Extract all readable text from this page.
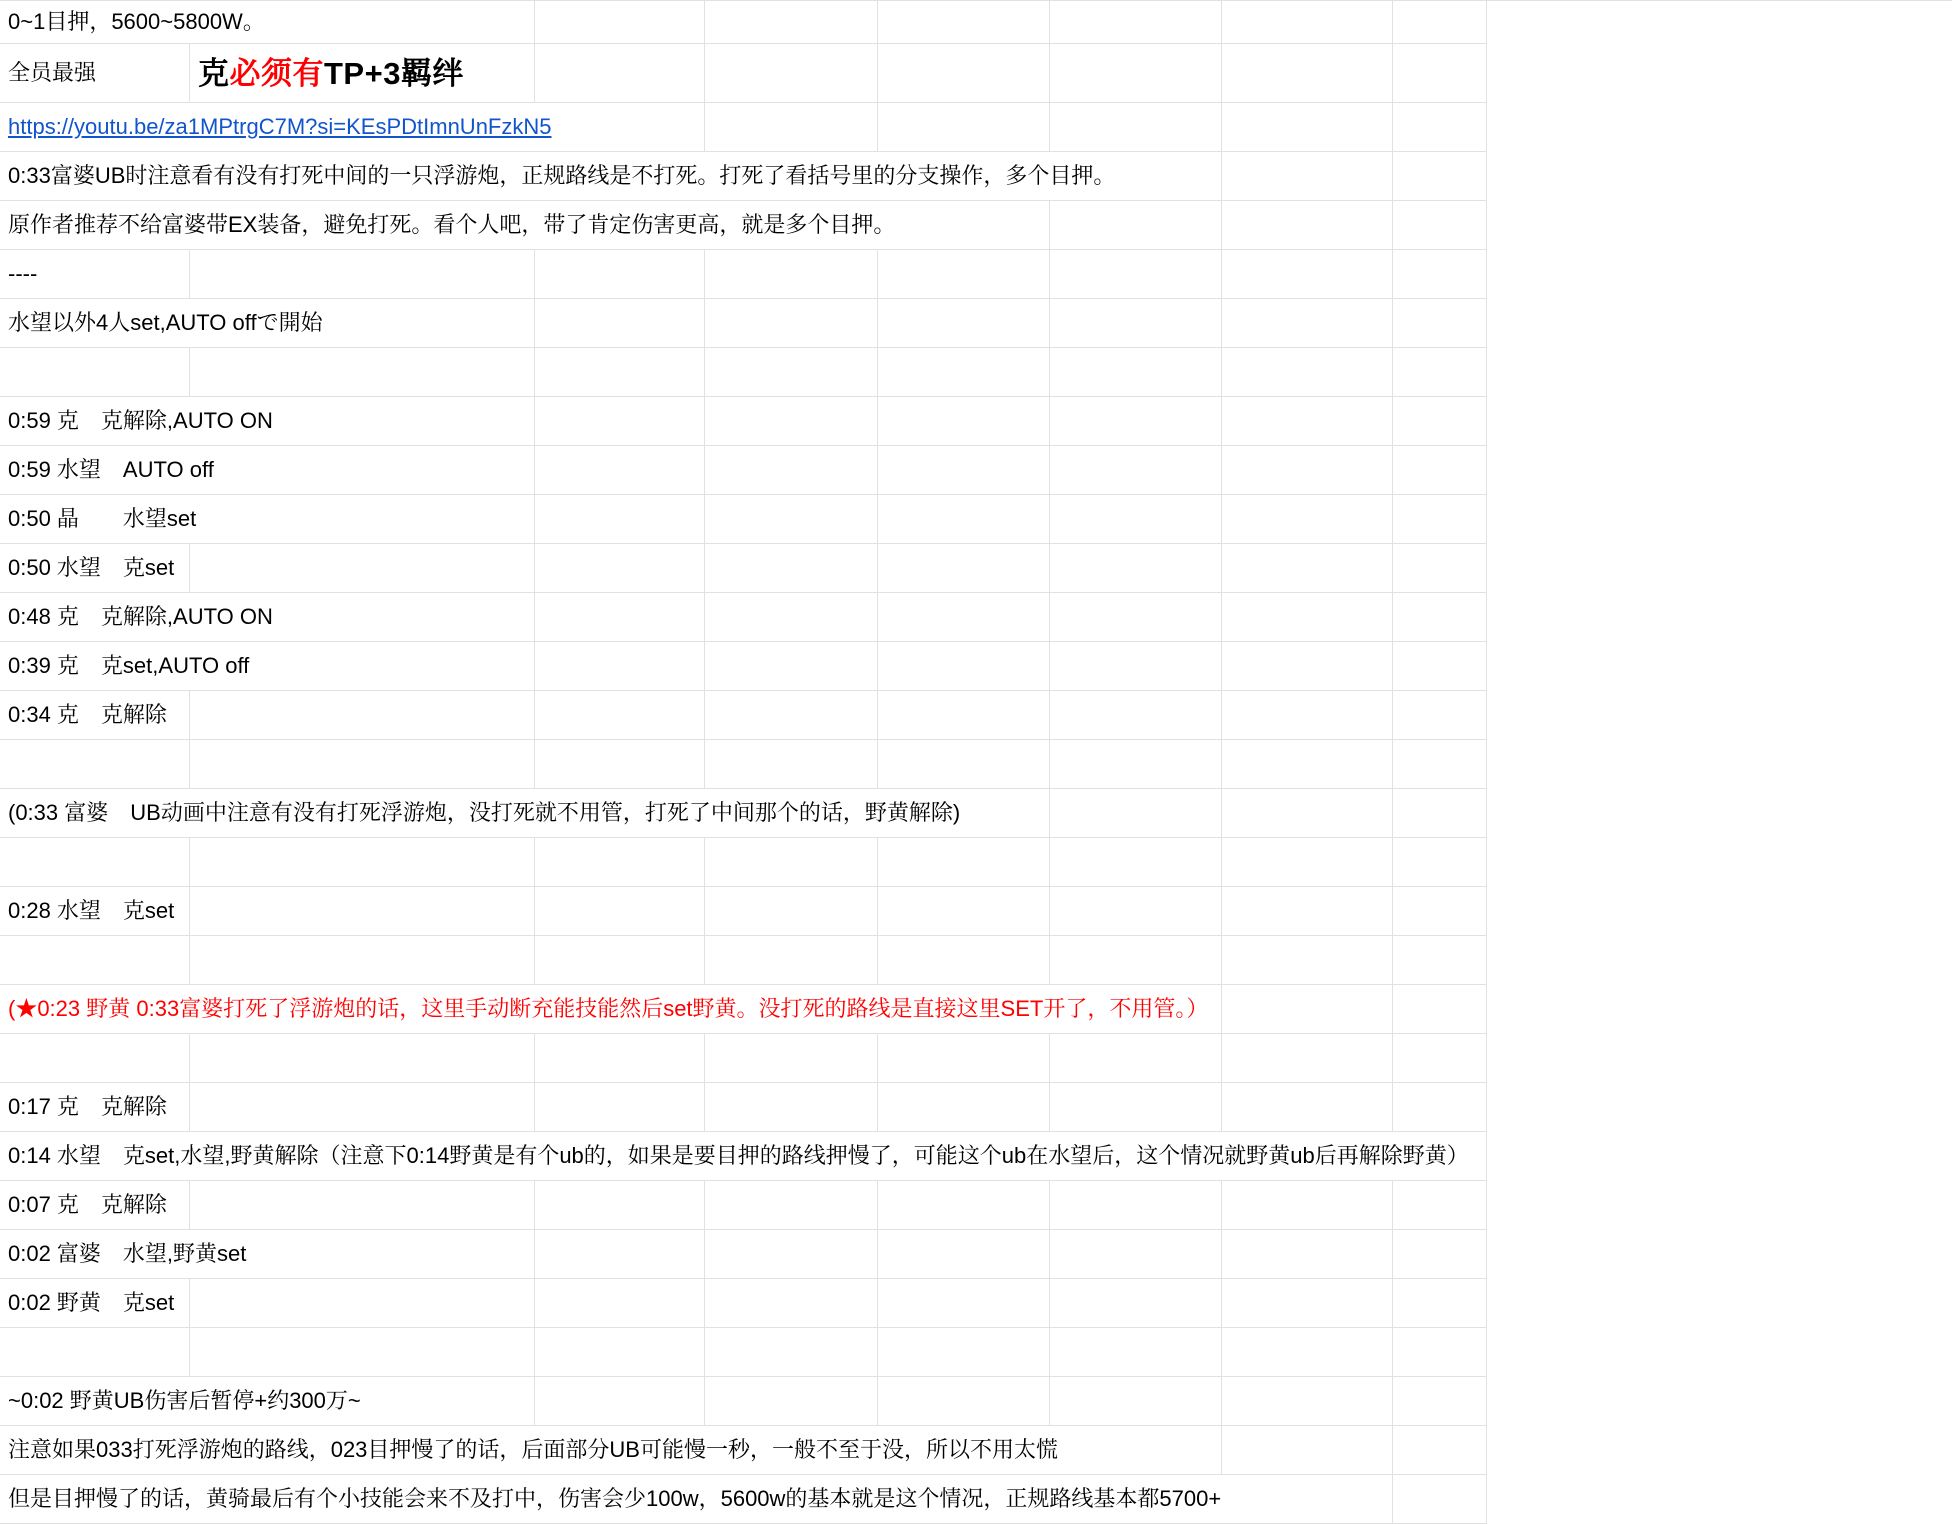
0~1目押，5600~5800W。
全员最强	克 必须有 TP+3羁绊
https://youtu.be/za1MPtrgC7M?si=KEsPDtImnUnFzkN5
0:33富婆UB时注意看有没有打死中间的一只浮游炮，正规路线是不打死。打死了看括号里的分支操作，多个目押。
原作者推荐不给富婆带EX装备，避免打死。看个人吧，带了肯定伤害更高，就是多个目押。
----
水望以外4人set,AUTO offで開始
0:59 克　克解除,AUTO ON
0:59 水望　AUTO off
0:50 晶　　水望set
0:50 水望　克set
0:48 克　克解除,AUTO ON
0:39 克　克set,AUTO off
0:34 克　克解除
(0:33 富婆　UB动画中注意有没有打死浮游炮，没打死就不用管，打死了中间那个的话，野黄解除)
0:28 水望　克set
(★0:23 野黄 0:33富婆打死了浮游炮的话，这里手动断充能技能然后set野黄。没打死的路线是直接这里SET开了，不用管。）
0:17 克　克解除
0:14 水望　克set,水望,野黄解除（注意下0:14野黄是有个ub的，如果是要目押的路线押慢了，可能这个ub在水望后，这个情况就野黄ub后再解除野黄）
0:07 克　克解除
0:02 富婆　水望,野黄set
0:02 野黄　克set
~0:02 野黄UB伤害后暂停+约300万~
注意如果033打死浮游炮的路线，023目押慢了的话，后面部分UB可能慢一秒，一般不至于没，所以不用太慌
但是目押慢了的话，黄骑最后有个小技能会来不及打中，伤害会少100w，5600w的基本就是这个情况，正规路线基本都5700+
